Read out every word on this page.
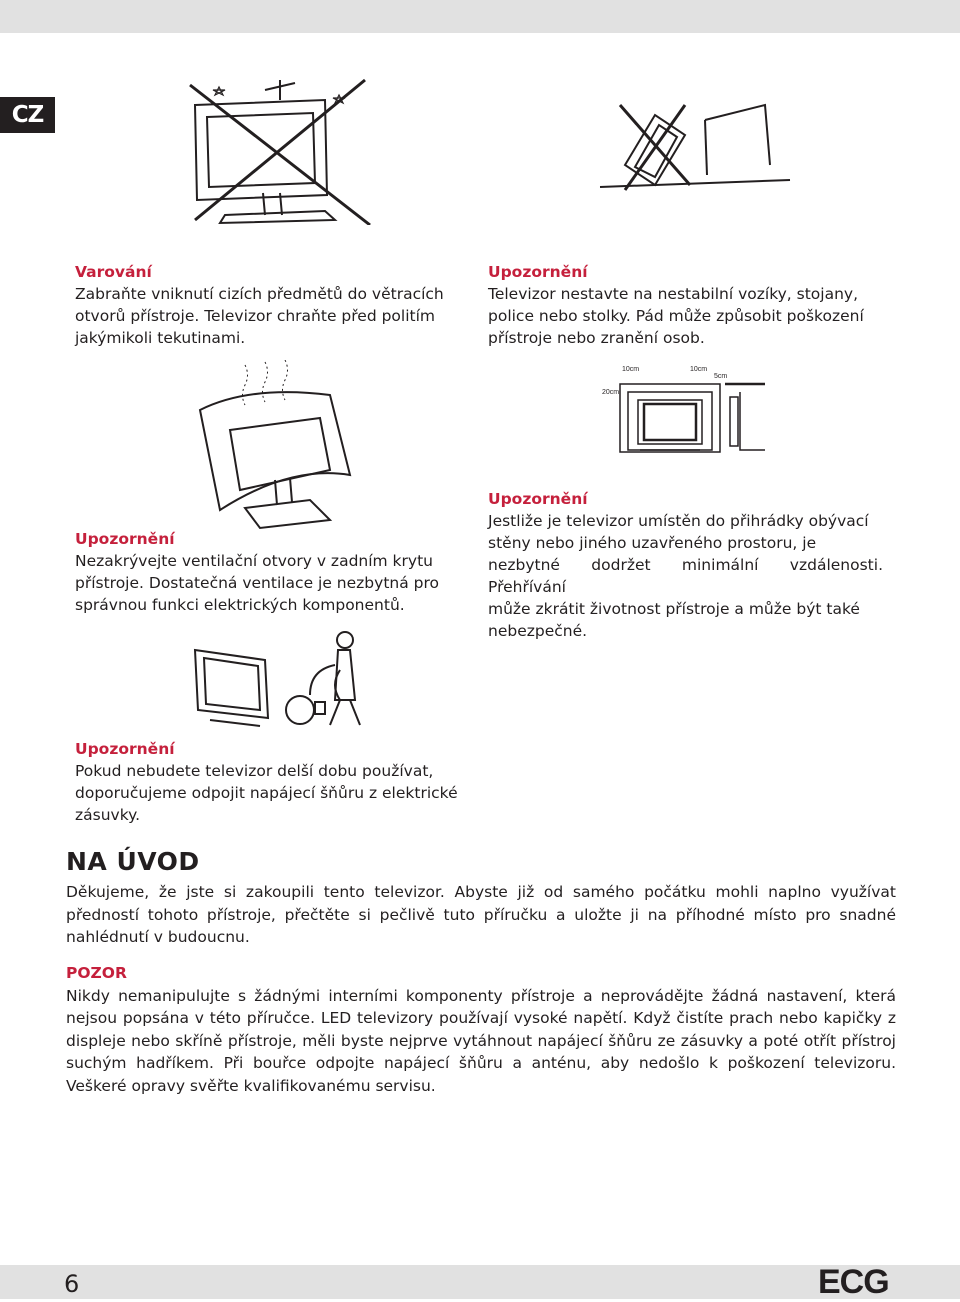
CZ
Varování
Zabraňte vniknutí cizích předmětů do větracích
otvorů přístroje. Televizor chraňte před politím
jakýmikoli tekutinami.
Upozornění
Televizor nestavte na nestabilní vozíky, stojany,
police nebo stolky. Pád může způsobit poškození
přístroje nebo zranění osob.
10cm	10cm
5cm
20cm
Upozornění
Nezakrývejte ventilační otvory v zadním krytu
přístroje. Dostatečná ventilace je nezbytná pro
správnou funkci elektrických komponentů.
Upozornění
Jestliže je televizor umístěn do přihrádky obývací
stěny nebo jiného uzavřeného prostoru, je
nezbytné dodržet minimální vzdálenosti. Přehřívání
může zkrátit životnost přístroje a může být také
nebezpečné.
Upozornění
Pokud nebudete televizor delší dobu používat,
doporučujeme odpojit napájecí šňůru z elektrické
zásuvky.
NA ÚVOD
Děkujeme, že jste si zakoupili tento televizor. Abyste již od samého počátku mohli naplno využívat předností tohoto přístroje, přečtěte si pečlivě tuto příručku a uložte ji na příhodné místo pro snadné nahlédnutí v budoucnu.
POZOR
Nikdy nemanipulujte s žádnými interními komponenty přístroje a neprovádějte žádná nastavení, která nejsou popsána v této příručce. LED televizory používají vysoké napětí. Když čistíte prach nebo kapičky z displeje nebo skříně přístroje, měli byste nejprve vytáhnout napájecí šňůru ze zásuvky a poté otřít přístroj suchým hadříkem. Při bouřce odpojte napájecí šňůru a anténu, aby nedošlo k poškození televizoru. Veškeré opravy svěřte kvalifikovanému servisu.
6	ECG
